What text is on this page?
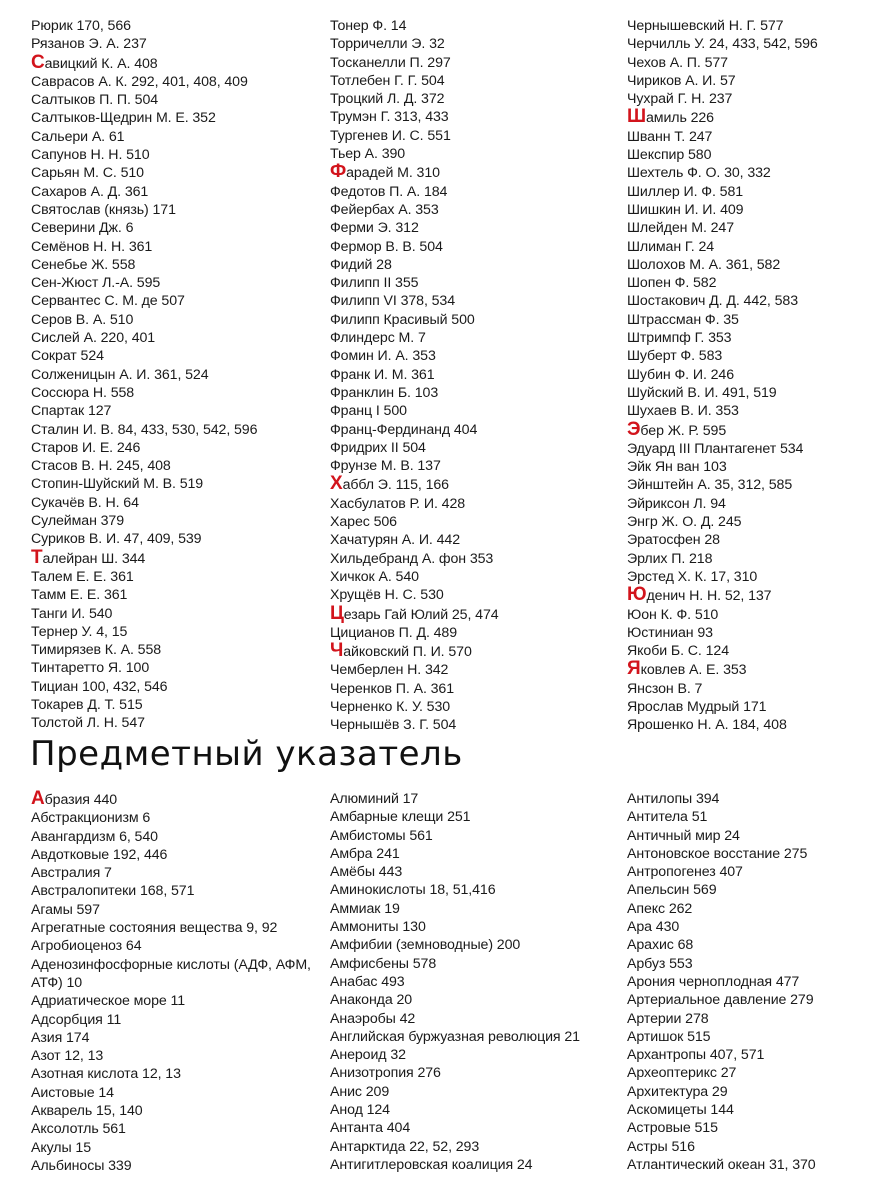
Рюрик 170, 566
Рязанов Э. А. 237
Савицкий К. А. 408
Саврасов А. К. 292, 401, 408, 409
Салтыков П. П. 504
Салтыков-Щедрин М. Е. 352
Сальери А. 61
Сапунов Н. Н. 510
Сарьян М. С. 510
Сахаров А. Д. 361
Святослав (князь) 171
Северини Дж. 6
Семёнов Н. Н. 361
Сенебье Ж. 558
Сен-Жюст Л.-А. 595
Сервантес С. М. де 507
Серов В. А. 510
Сислей А. 220, 401
Сократ 524
Солженицын А. И. 361, 524
Соссюра Н. 558
Спартак 127
Сталин И. В. 84, 433, 530, 542, 596
Старов И. Е. 246
Стасов В. Н. 245, 408
Стопин-Шуйский М. В. 519
Сукачёв В. Н. 64
Сулейман 379
Суриков В. И. 47, 409, 539
Талейран Ш. 344
Талем Е. Е. 361
Тамм Е. Е. 361
Танги И. 540
Тернер У. 4, 15
Тимирязев К. А. 558
Тинтаретто Я. 100
Тициан 100, 432, 546
Токарев Д. Т. 515
Толстой Л. Н. 547
Тонер Ф. 14
Торричелли Э. 32
Тосканелли П. 297
Тотлебен Г. Г. 504
Троцкий Л. Д. 372
Трумэн Г. 313, 433
Тургенев И. С. 551
Тьер А. 390
Фарадей М. 310
Федотов П. А. 184
Фейербах А. 353
Ферми Э. 312
Фермор В. В. 504
Фидий 28
Филипп II 355
Филипп VI 378, 534
Филипп Красивый 500
Флиндерс М. 7
Фомин И. А. 353
Франк И. М. 361
Франклин Б. 103
Франц I 500
Франц-Фердинанд 404
Фридрих II 504
Фрунзе М. В. 137
Хаббл Э. 115, 166
Хасбулатов Р. И. 428
Харес 506
Хачатурян А. И. 442
Хильдебранд А. фон 353
Хичкок А. 540
Хрущёв Н. С. 530
Цезарь Гай Юлий 25, 474
Цицианов П. Д. 489
Чайковский П. И. 570
Чемберлен Н. 342
Черенков П. А. 361
Черненко К. У. 530
Чернышёв З. Г. 504
Чернышевский Н. Г. 577
Черчилль У. 24, 433, 542, 596
Чехов А. П. 577
Чириков А. И. 57
Чухрай Г. Н. 237
Шамиль 226
Шванн Т. 247
Шекспир 580
Шехтель Ф. О. 30, 332
Шиллер И. Ф. 581
Шишкин И. И. 409
Шлейден М. 247
Шлиман Г. 24
Шолохов М. А. 361, 582
Шопен Ф. 582
Шостакович Д. Д. 442, 583
Штрассман Ф. 35
Штримпф Г. 353
Шуберт Ф. 583
Шубин Ф. И. 246
Шуйский В. И. 491, 519
Шухаев В. И. 353
Эбер Ж. Р. 595
Эдуард III Плантагенет 534
Эйк Ян ван 103
Эйнштейн А. 35, 312, 585
Эйриксон Л. 94
Энгр Ж. О. Д. 245
Эратосфен 28
Эрлих П. 218
Эрстед Х. К. 17, 310
Юденич Н. Н. 52, 137
Юон К. Ф. 510
Юстиниан 93
Якоби Б. С. 124
Яковлев А. Е. 353
Янсзон В. 7
Ярослав Мудрый 171
Ярошенко Н. А. 184, 408
Предметный указатель
Абразия 440
Абстракционизм 6
Авангардизм 6, 540
Авдотковые 192, 446
Австралия 7
Австралопитеки 168, 571
Агамы 597
Агрегатные состояния вещества 9, 92
Агробиоценоз 64
Аденозинфосфорные кислоты (АДФ, АФМ, АТФ) 10
Адриатическое море 11
Адсорбция 11
Азия 174
Азот 12, 13
Азотная кислота 12, 13
Аистовые 14
Акварель 15, 140
Аксолотль 561
Акулы 15
Альбиносы 339
Алюминий 17
Амбарные клещи 251
Амбистомы 561
Амбра 241
Амёбы 443
Аминокислоты 18, 51,416
Аммиак 19
Аммониты 130
Амфибии (земноводные) 200
Амфисбены 578
Анабас 493
Анаконда 20
Анаэробы 42
Английская буржуазная революция 21
Анероид 32
Анизотропия 276
Анис 209
Анод 124
Антанта 404
Антарктида 22, 52, 293
Антигитлеровская коалиция 24
Антилопы 394
Антитела 51
Античный мир 24
Антоновское восстание 275
Антропогенез 407
Апельсин 569
Апекс 262
Ара 430
Арахис 68
Арбуз 553
Арония черноплодная 477
Артериальное давление 279
Артерии 278
Артишок 515
Архантропы 407, 571
Археоптерикс 27
Архитектура 29
Аскомицеты 144
Астровые 515
Астры 516
Атлантический океан 31, 370
